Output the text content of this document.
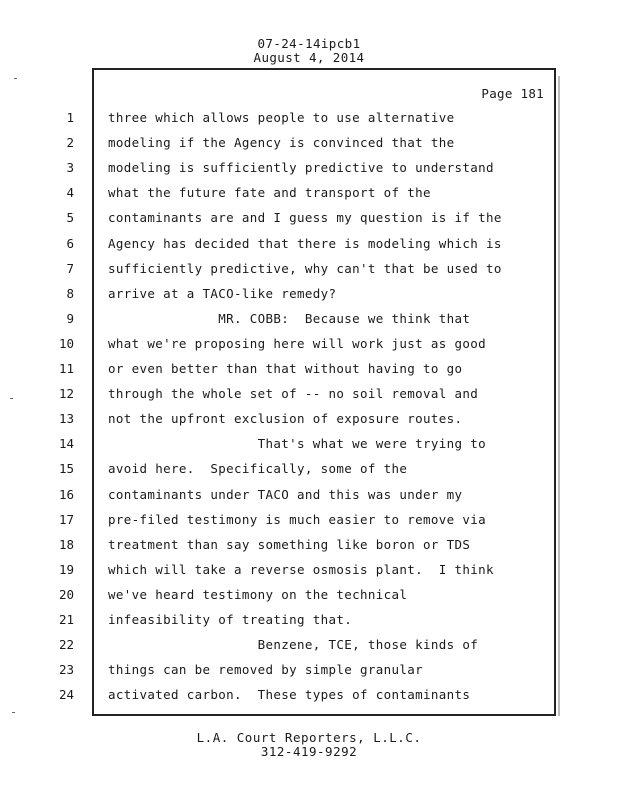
07-24-14ipcb1
August 4, 2014
Page 181
1	three which allows people to use alternative
2	modeling if the Agency is convinced that the
3	modeling is sufficiently predictive to understand
4	what the future fate and transport of the
5	contaminants are and I guess my question is if the
6	Agency has decided that there is modeling which is
7	sufficiently predictive, why can't that be used to
8	arrive at a TACO-like remedy?
9	MR. COBB:  Because we think that
10	what we're proposing here will work just as good
11	or even better than that without having to go
12	through the whole set of -- no soil removal and
13	not the upfront exclusion of exposure routes.
14	That's what we were trying to
15	avoid here.  Specifically, some of the
16	contaminants under TACO and this was under my
17	pre-filed testimony is much easier to remove via
18	treatment than say something like boron or TDS
19	which will take a reverse osmosis plant.  I think
20	we've heard testimony on the technical
21	infeasibility of treating that.
22	Benzene, TCE, those kinds of
23	things can be removed by simple granular
24	activated carbon.  These types of contaminants
L.A. Court Reporters, L.L.C.
312-419-9292
